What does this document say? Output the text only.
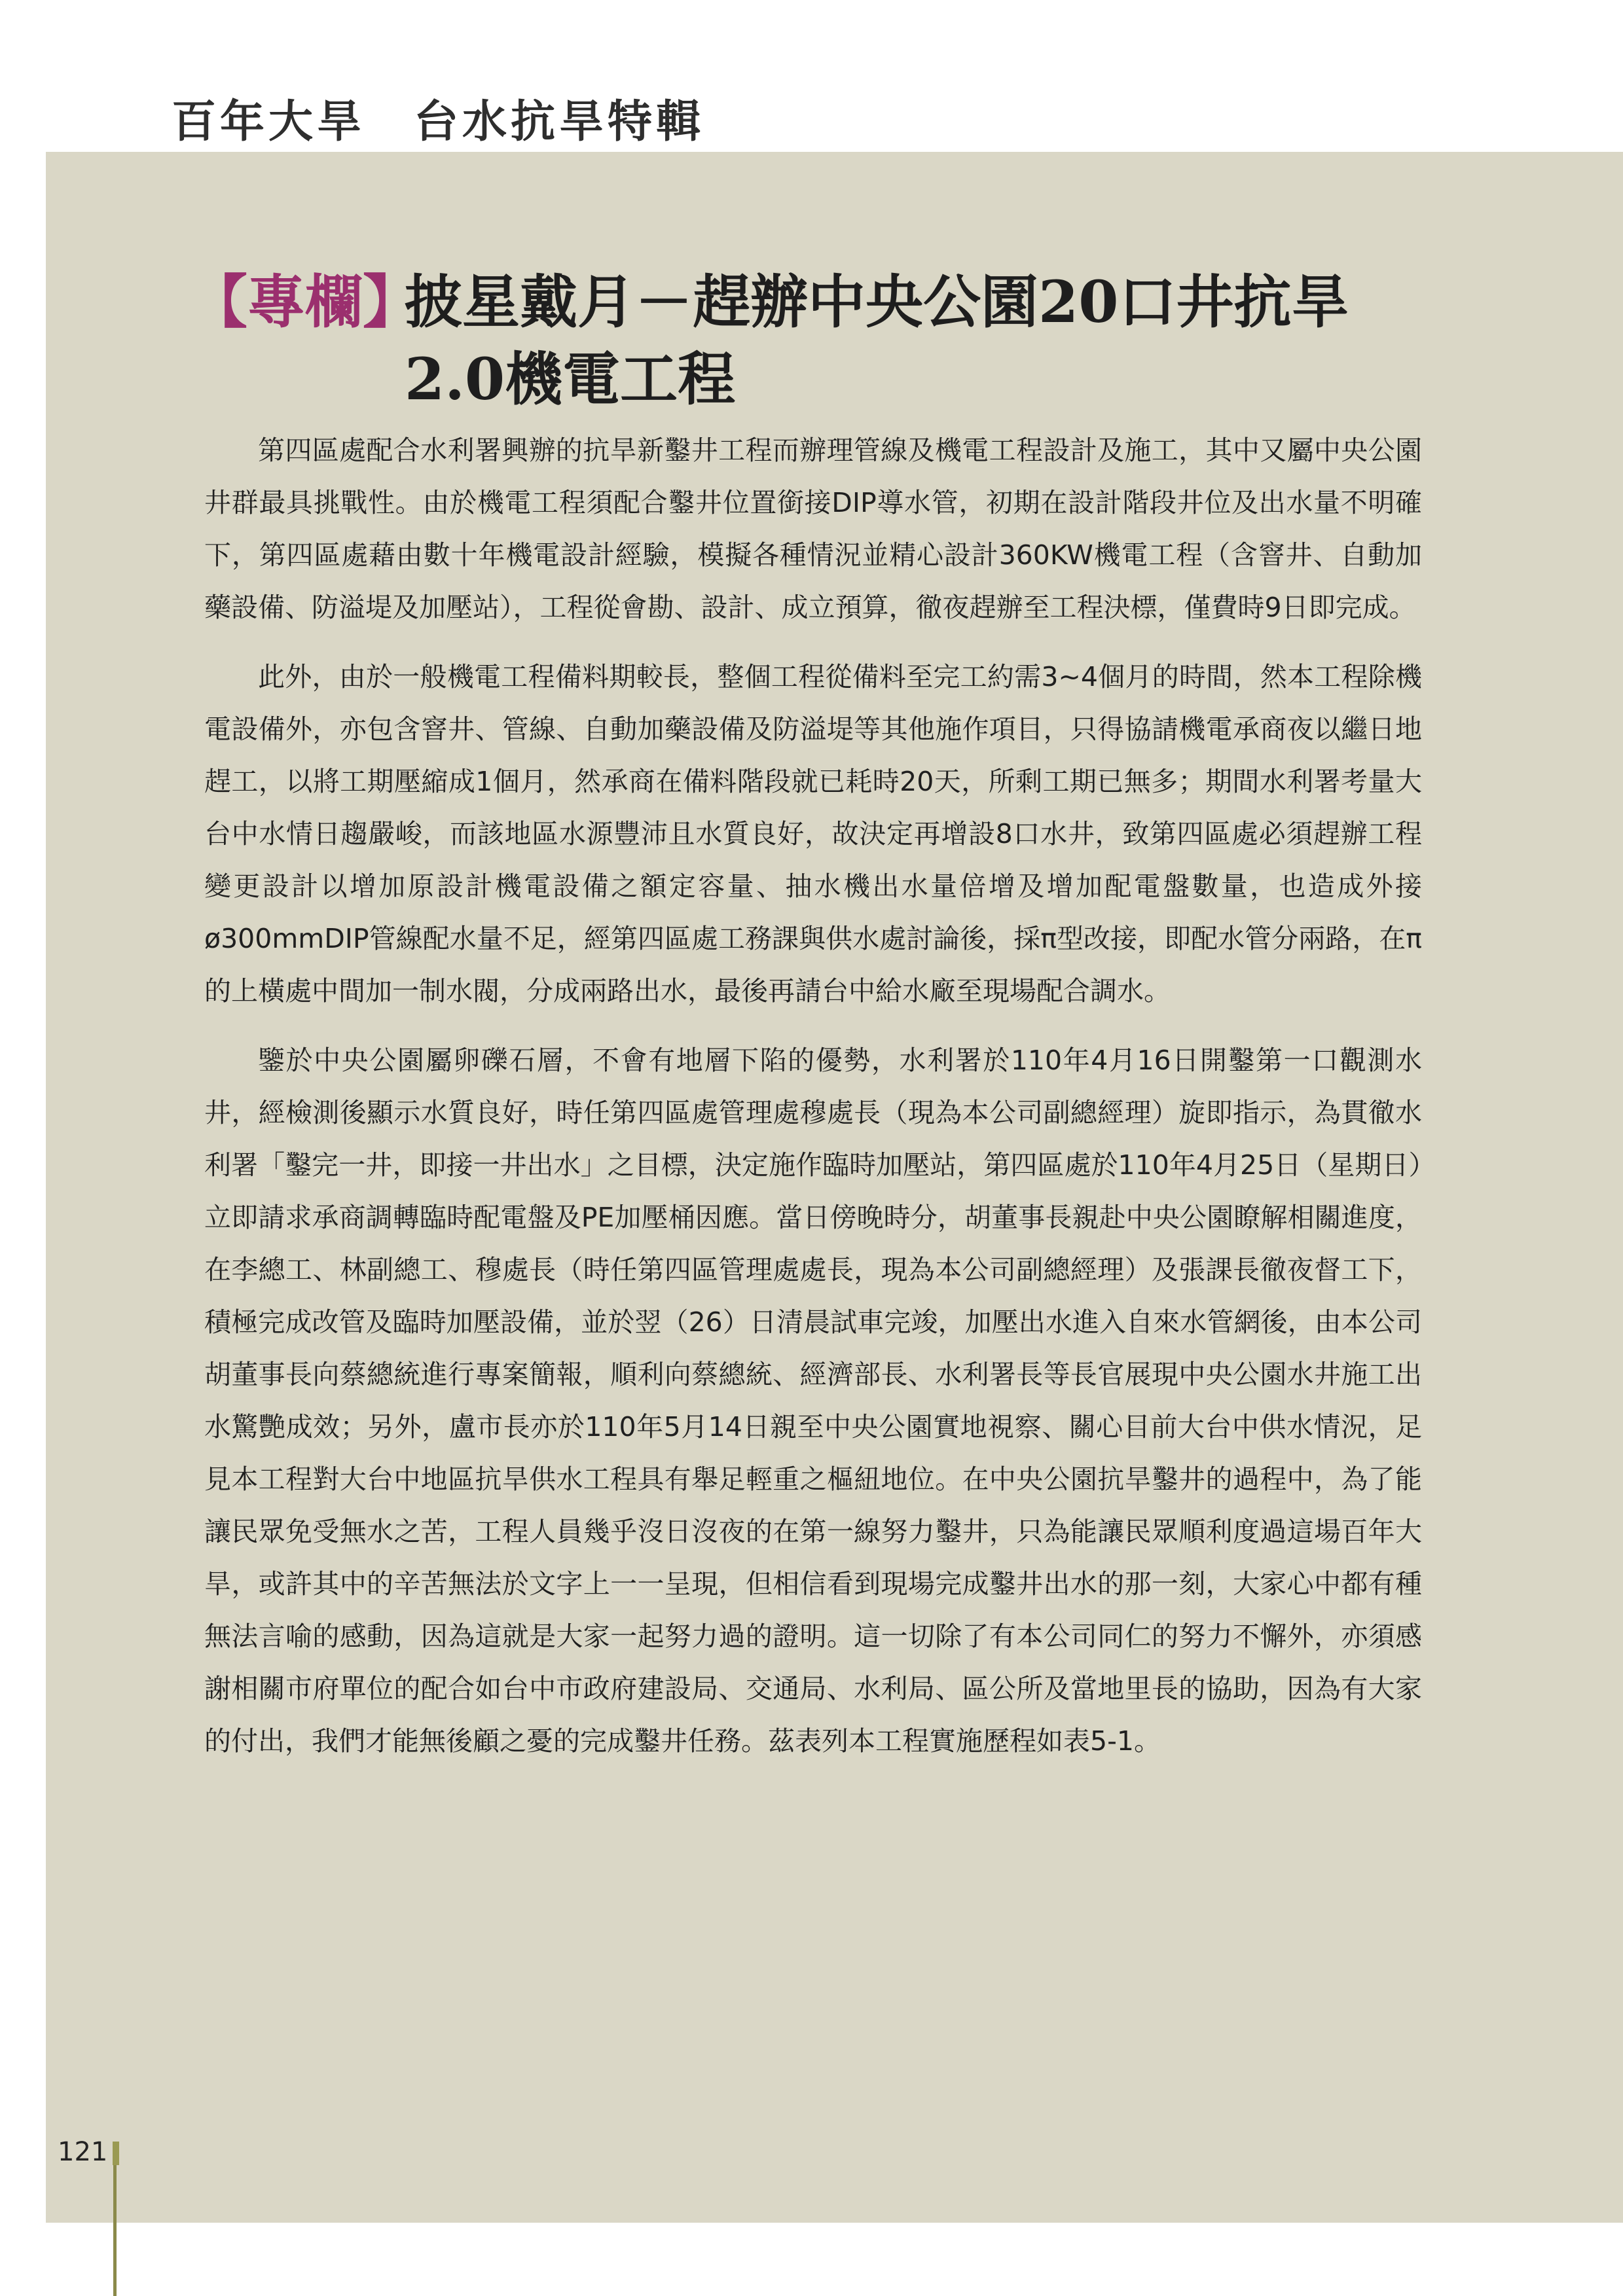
百年大旱　台水抗旱特輯
【專欄】
披星戴月－趕辦中央公園20口井抗旱2.0機電工程

第四區處配合水利署興辦的抗旱新鑿井工程而辦理管線及機電工程設計及施工，其中又屬中央公園井群最具挑戰性。由於機電工程須配合鑿井位置銜接DIP導水管，初期在設計階段井位及出水量不明確下，第四區處藉由數十年機電設計經驗，模擬各種情況並精心設計360KW機電工程（含窨井、自動加藥設備、防溢堤及加壓站），工程從會勘、設計、成立預算，徹夜趕辦至工程決標，僅費時9日即完成。

此外，由於一般機電工程備料期較長，整個工程從備料至完工約需3~4個月的時間，然本工程除機電設備外，亦包含窨井、管線、自動加藥設備及防溢堤等其他施作項目，只得協請機電承商夜以繼日地趕工，以將工期壓縮成1個月，然承商在備料階段就已耗時20天，所剩工期已無多；期間水利署考量大台中水情日趨嚴峻，而該地區水源豐沛且水質良好，故決定再增設8口水井，致第四區處必須趕辦工程變更設計以增加原設計機電設備之額定容量、抽水機出水量倍增及增加配電盤數量，也造成外接ø300mmDIP管線配水量不足，經第四區處工務課與供水處討論後，採π型改接，即配水管分兩路，在π的上橫處中間加一制水閥，分成兩路出水，最後再請台中給水廠至現場配合調水。

鑒於中央公園屬卵礫石層，不會有地層下陷的優勢，水利署於110年4月16日開鑿第一口觀測水井，經檢測後顯示水質良好，時任第四區處管理處穆處長（現為本公司副總經理）旋即指示，為貫徹水利署「鑿完一井，即接一井出水」之目標，決定施作臨時加壓站，第四區處於110年4月25日（星期日）立即請求承商調轉臨時配電盤及PE加壓桶因應。當日傍晚時分，胡董事長親赴中央公園瞭解相關進度，在李總工、林副總工、穆處長（時任第四區管理處處長，現為本公司副總經理）及張課長徹夜督工下，積極完成改管及臨時加壓設備，並於翌（26）日清晨試車完竣，加壓出水進入自來水管網後，由本公司胡董事長向蔡總統進行專案簡報，順利向蔡總統、經濟部長、水利署長等長官展現中央公園水井施工出水驚艷成效；另外，盧市長亦於110年5月14日親至中央公園實地視察、關心目前大台中供水情況，足見本工程對大台中地區抗旱供水工程具有舉足輕重之樞紐地位。在中央公園抗旱鑿井的過程中，為了能讓民眾免受無水之苦，工程人員幾乎沒日沒夜的在第一線努力鑿井，只為能讓民眾順利度過這場百年大旱，或許其中的辛苦無法於文字上一一呈現，但相信看到現場完成鑿井出水的那一刻，大家心中都有種無法言喻的感動，因為這就是大家一起努力過的證明。這一切除了有本公司同仁的努力不懈外，亦須感謝相關市府單位的配合如台中市政府建設局、交通局、水利局、區公所及當地里長的協助，因為有大家的付出，我們才能無後顧之憂的完成鑿井任務。茲表列本工程實施歷程如表5-1。

121
